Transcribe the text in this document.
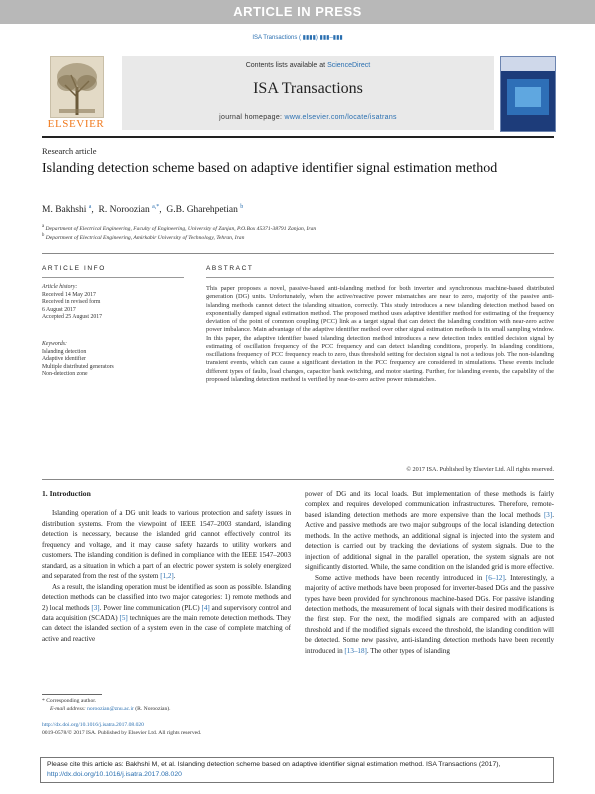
ARTICLE IN PRESS
ISA Transactions ( ▮▮▮▮) ▮▮▮–▮▮▮
ELSEVIER
Contents lists available at ScienceDirect
ISA Transactions
journal homepage: www.elsevier.com/locate/isatrans
Research article
Islanding detection scheme based on adaptive identifier signal estimation method
M. Bakhshi $^a$,  R. Noroozian $^{a,*}$,  G.B. Gharehpetian $^b$
$^a$ Department of Electrical Engineering, Faculty of Engineering, University of Zanjan, P.O.Box 45371-38791 Zanjan, Iran
$^b$ Department of Electrical Engineering, Amirkabir University of Technology, Tehran, Iran
ARTICLE INFO	ABSTRACT
Article history:
Received 14 May 2017
Received in revised form
6 August 2017
Accepted 25 August 2017
Keywords:
Islanding detection
Adaptive identifier
Multiple distributed generators
Non-detection zone
This paper proposes a novel, passive-based anti-islanding method for both inverter and synchronous machine-based distributed generation (DG) units. Unfortunately, when the active/reactive power mismatches are near to zero, majority of the passive anti-islanding methods cannot detect the islanding situation, correctly. This study introduces a new islanding detection method based on exponentially damped signal estimation method. The proposed method uses adaptive identifier method for estimating of the frequency deviation of the point of common coupling (PCC) link as a target signal that can detect the islanding condition with near-zero active power imbalance. Main advantage of the adaptive identifier method over other signal estimation methods is its small sampling window. In this paper, the adaptive identifier based islanding detection method introduces a new detection index entitled decision signal by estimating of oscillation frequency of the PCC frequency and can detect islanding conditions, properly. In islanding conditions, oscillations frequency of PCC frequency reach to zero, thus threshold setting for decision signal is not a tedious job. The non-islanding transient events, which can cause a significant deviation in the PCC frequency are considered in simulations. These events include different types of faults, load changes, capacitor bank switching, and motor starting. Further, for islanding events, the capability of the proposed islanding detection method is verified by near-to-zero active power mismatches.
© 2017 ISA. Published by Elsevier Ltd. All rights reserved.
1. Introduction

Islanding operation of a DG unit leads to various protection and safety issues in distribution systems. From the viewpoint of IEEE 1547–2003 standard, islanding detection is necessary, because the islanded grid cannot effectively control its frequency and voltage, and it may cause safety hazards to utility workers and customers. The islanding condition is defined in compliance with the IEEE 1547–2003 standard, as a situation in which a part of an electric power system is solely energized and separated from the rest of the system [1,2].

As a result, the islanding operation must be identified as soon as possible. Islanding detection methods can be classified into two major categories: 1) remote methods and 2) local methods [3]. Power line communication (PLC) [4] and supervisory control and data acquisition (SCADA) [5] techniques are the main remote detection methods. They can detect the islanded section of a system even in the case of complete matching of active and reactive

power of DG and its local loads. But implementation of these methods is fairly complex and requires developed communication infrastructures. Therefore, remote-based islanding detection methods are more expensive than the local methods [3]. Active and passive methods are two major subgroups of the local islanding detection methods. In the active methods, an additional signal is injected into the system and detection is carried out by tracking the deviations of system signals. Due to the injection of additional signal in the parallel operation, the system signals are not significantly distorted. While, the same condition on the islanded grid is more effective.

Some active methods have been recently introduced in [6–12]. Interestingly, a majority of active methods have been proposed for inverter-based DGs and the passive types have been provided for synchronous machine-based DGs. For passive islanding detection methods, the measurement of local signals with their desired modifications is the first step. For the next, the modified signals are compared with an adjusted threshold and if the modified signals exceed the threshold, the islanding condition will be detected. Some new passive, anti-islanding detection methods have been recently introduced in [13–18]. The other types of islanding

* Corresponding author.
E-mail address: noroozian@znu.ac.ir (R. Noroozian).
http://dx.doi.org/10.1016/j.isatra.2017.08.020
0019-0578/© 2017 ISA. Published by Elsevier Ltd. All rights reserved.
Please cite this article as: Bakhshi M, et al. Islanding detection scheme based on adaptive identifier signal estimation method. ISA Transactions (2017), http://dx.doi.org/10.1016/j.isatra.2017.08.020
